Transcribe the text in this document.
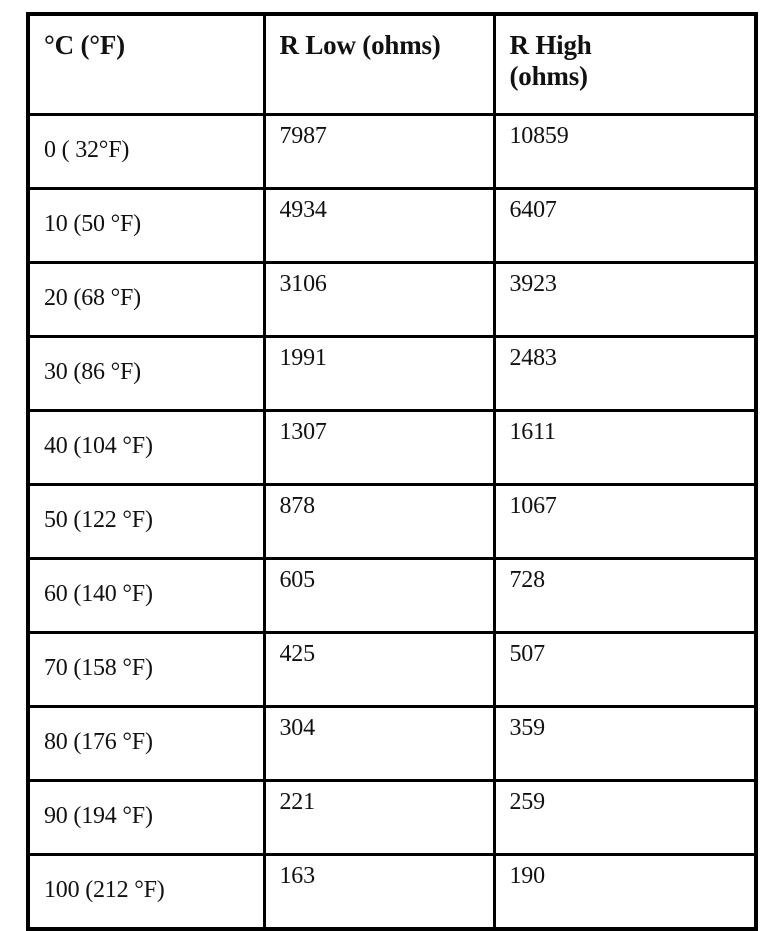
°C (°F)	R Low (ohms)	R High
(ohms)

0 ( 32°F)	7987	10859

10 (50 °F)	4934	6407

20 (68 °F)	3106	3923

30 (86 °F)	1991	2483

40 (104 °F)	1307	1611

50 (122 °F)	878	1067

60 (140 °F)	605	728

70 (158 °F)	425	507

80 (176 °F)	304	359

90 (194 °F)	221	259

100 (212 °F)	163	190
